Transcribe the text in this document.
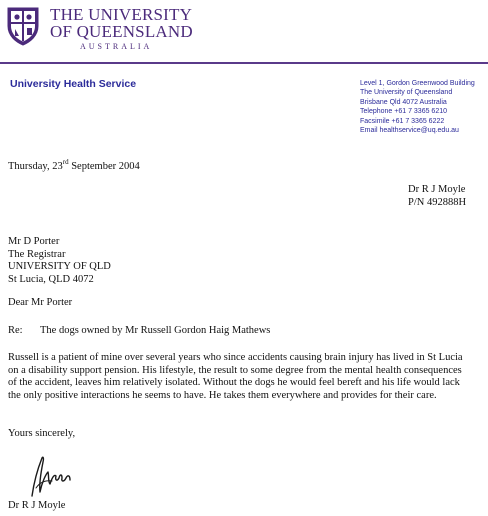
THE UNIVERSITY
OF QUEENSLAND
AUSTRALIA
University Health Service	Level 1, Gordon Greenwood Building
The University of Queensland
Brisbane Qld 4072 Australia
Telephone +61 7 3365 6210
Facsimile +61 7 3365 6222
Email healthservice@uq.edu.au
Thursday, 23rd September 2004
Dr R J Moyle
P/N 492888H
Mr D Porter
The Registrar
UNIVERSITY OF QLD
St Lucia, QLD 4072
Dear Mr Porter
Re: The dogs owned by Mr Russell Gordon Haig Mathews
Russell is a patient of mine over several years who since accidents causing brain injury has lived in St Lucia
on a disability support pension. His lifestyle, the result to some degree from the mental health consequences
of the accident, leaves him relatively isolated. Without the dogs he would feel bereft and his life would lack
the only positive interactions he seems to have. He takes them everywhere and provides for their care.
Yours sincerely,
Dr R J Moyle
